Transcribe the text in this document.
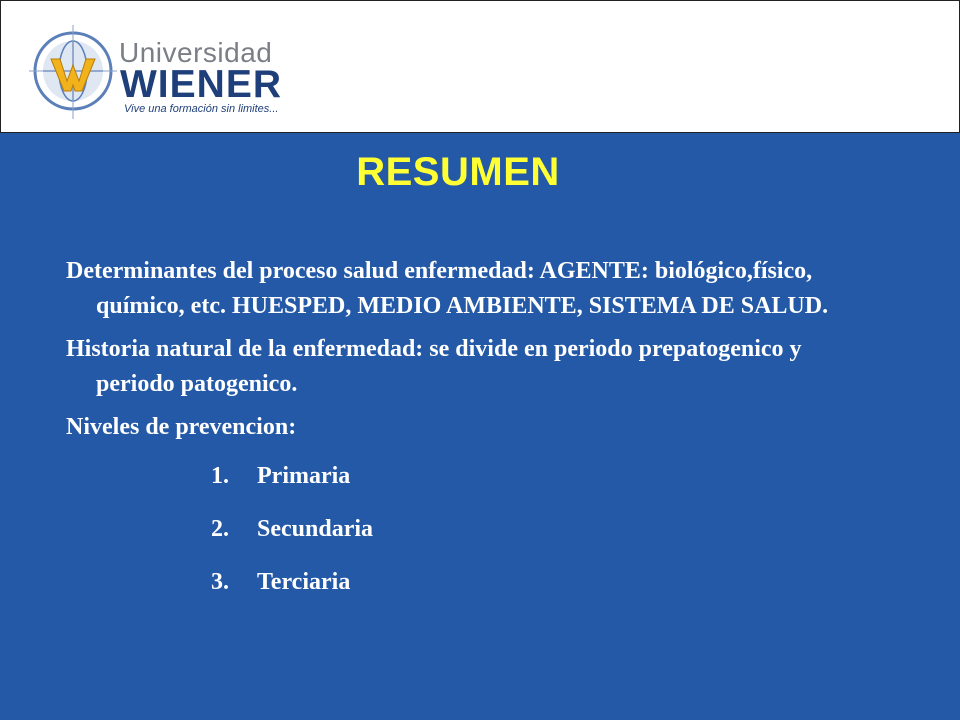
Universidad
WIENER
Vive una formación sin limites...
RESUMEN

Determinantes del proceso salud enfermedad: AGENTE: biológico,físico, químico, etc. HUESPED, MEDIO AMBIENTE, SISTEMA DE SALUD.

Historia natural de la enfermedad: se divide en periodo prepatogenico y periodo patogenico.

Niveles de prevencion:

1. Primaria
2. Secundaria
3. Terciaria
